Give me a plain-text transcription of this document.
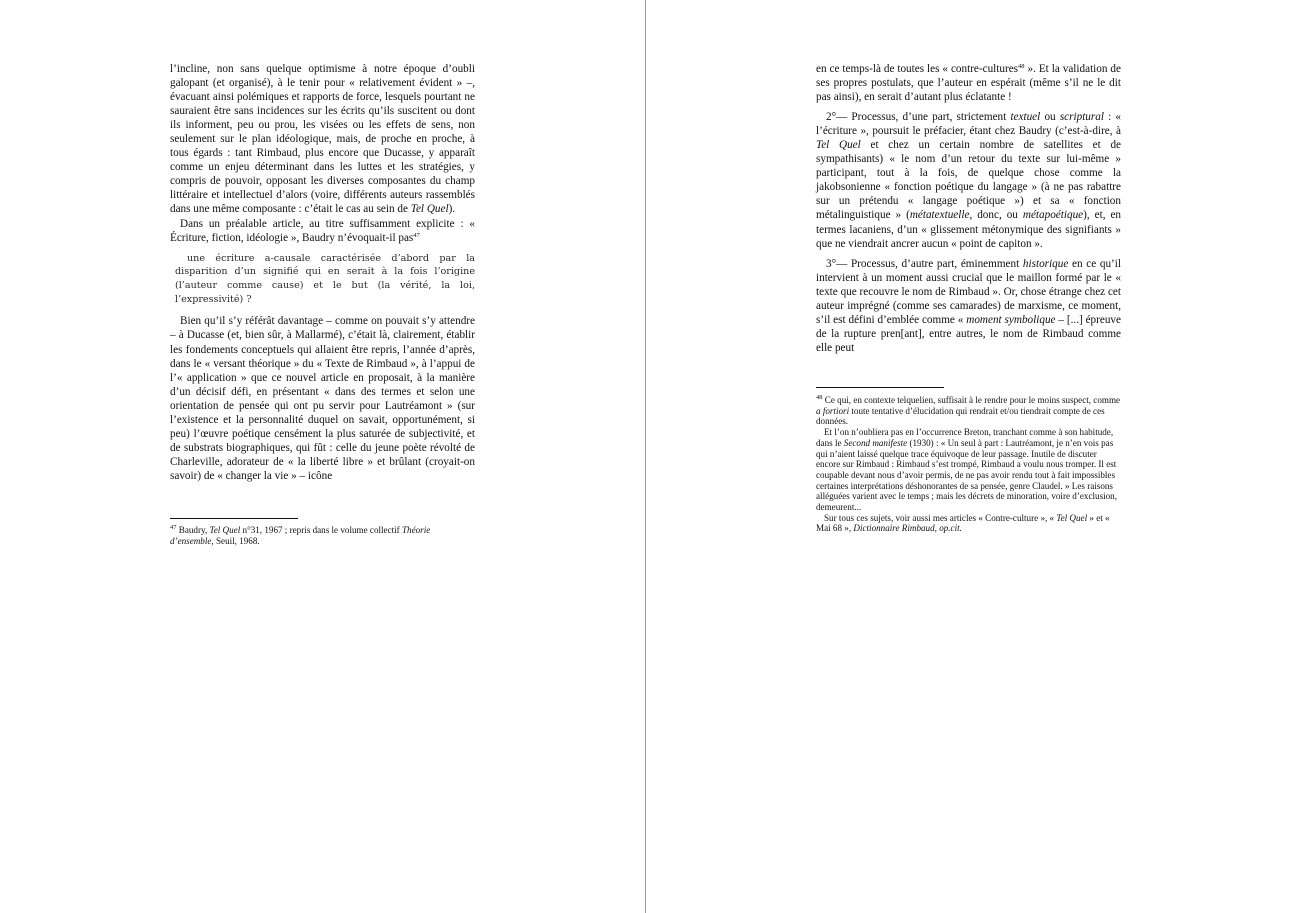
l’incline, non sans quelque optimisme à notre époque d’oubli galopant (et organisé), à le tenir pour « relativement évident » –, évacuant ainsi polémiques et rapports de force, lesquels pourtant ne sauraient être sans incidences sur les écrits qu’ils suscitent ou dont ils informent, peu ou prou, les visées ou les effets de sens, non seulement sur le plan idéologique, mais, de proche en proche, à tous égards : tant Rimbaud, plus encore que Ducasse, y apparaît comme un enjeu déterminant dans les luttes et les stratégies, y compris de pouvoir, opposant les diverses composantes du champ littéraire et intellectuel d’alors (voire, différents auteurs rassemblés dans une même composante : c’était le cas au sein de Tel Quel).

Dans un préalable article, au titre suffisamment explicite : « Écriture, fiction, idéologie », Baudry n’évoquait-il pas$^{47}$

une écriture a-causale caractérisée d’abord par la disparition d’un signifié qui en serait à la fois l’origine (l’auteur comme cause) et le but (la vérité, la loi, l’expressivité) ?

Bien qu’il s’y référât davantage – comme on pouvait s’y attendre – à Ducasse (et, bien sûr, à Mallarmé), c’était là, clairement, établir les fondements conceptuels qui allaient être repris, l’année d’après, dans le « versant théorique » du « Texte de Rimbaud », à l’appui de l’« application » que ce nouvel article en proposait, à la manière d’un décisif défi, en présentant « dans des termes et selon une orientation de pensée qui ont pu servir pour Lautréamont » (sur l’existence et la personnalité duquel on savait, opportunément, si peu) l’œuvre poétique censément la plus saturée de subjectivité, et de substrats biographiques, qui fût : celle du jeune poète révolté de Charleville, adorateur de « la liberté libre » et brûlant (croyait-on savoir) de « changer la vie » – icône

$^{47}$ Baudry, Tel Quel n°31, 1967 ; repris dans le volume collectif Théorie d’ensemble, Seuil, 1968.

en ce temps-là de toutes les « contre-cultures$^{48}$ ». Et la validation de ses propres postulats, que l’auteur en espérait (même s’il ne le dit pas ainsi), en serait d’autant plus éclatante !

2°— Processus, d’une part, strictement textuel ou scriptural : « l’écriture », poursuit le préfacier, étant chez Baudry (c’est-à-dire, à Tel Quel et chez un certain nombre de satellites et de sympathisants) « le nom d’un retour du texte sur lui-même » participant, tout à la fois, de quelque chose comme la jakobsonienne « fonction poétique du langage » (à ne pas rabattre sur un prétendu « langage poétique ») et sa « fonction métalinguistique » (métatextuelle, donc, ou métapoétique), et, en termes lacaniens, d’un « glissement métonymique des signifiants » que ne viendrait ancrer aucun « point de capiton ».

3°— Processus, d’autre part, éminemment historique en ce qu’il intervient à un moment aussi crucial que le maillon formé par le « texte que recouvre le nom de Rimbaud ». Or, chose étrange chez cet auteur imprégné (comme ses camarades) de marxisme, ce moment, s’il est défini d’emblée comme « moment symbolique – [...] épreuve de la rupture pren[ant], entre autres, le nom de Rimbaud comme elle peut

$^{48}$ Ce qui, en contexte telquelien, suffisait à le rendre pour le moins suspect, comme a fortiori toute tentative d’élucidation qui rendrait et/ou tiendrait compte de ces données.

Et l’on n’oubliera pas en l’occurrence Breton, tranchant comme à son habitude, dans le Second manifeste (1930) : « Un seul à part : Lautréamont, je n’en vois pas qui n’aient laissé quelque trace équivoque de leur passage. Inutile de discuter encore sur Rimbaud : Rimbaud s’est trompé, Rimbaud a voulu nous tromper. Il est coupable devant nous d’avoir permis, de ne pas avoir rendu tout à fait impossibles certaines interprétations déshonorantes de sa pensée, genre Claudel. » Les raisons alléguées varient avec le temps ; mais les décrets de minoration, voire d’exclusion, demeurent...

Sur tous ces sujets, voir aussi mes articles « Contre-culture », « Tel Quel » et « Mai 68 », Dictionnaire Rimbaud, op.cit.
